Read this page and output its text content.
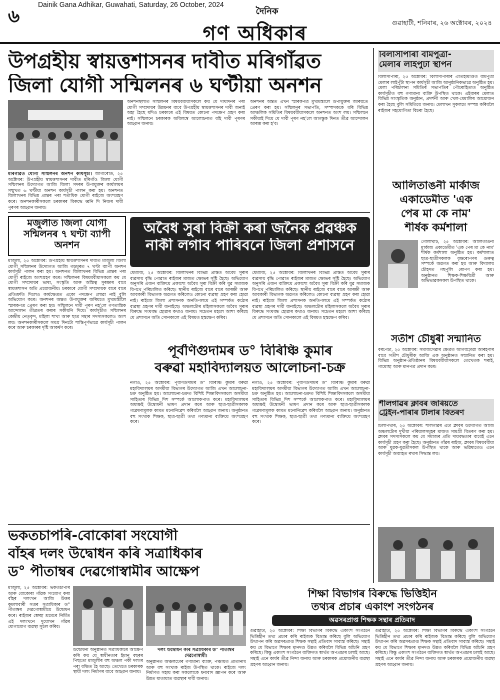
৬
Dainik Gana Adhikar, Guwahati, Saturday, 26 October, 2024
দৈনিক
গণ অধিকাৰ	গুৱাহাটী, শনিবাৰ, ২৬ অক্টোবৰ, ২০২৪
উপগ্ৰহীয় স্বায়ত্তশাসনৰ দাবীত মৰিগাঁৱত
জিলা যোগী সন্মিলনৰ ৬ ঘণ্টীয়া অনশন
মৰিগাঁৱত যোগী সন্মিলনৰ অনশন কাৰ্যসূচী। জাগীৰোড, ২৫ অক্টোবৰ: উপগ্ৰহীয় স্বায়ত্তশাসনৰ দাবীত মৰিগাঁও জিলা যোগী সন্মিলনৰ উদ্যোগত আজি জিলা সদৰৰ উপায়ুক্তৰ কাৰ্যালয়ৰ সন্মুখত ৬ ঘণ্টীয়া অনশন কাৰ্যসূচী পালন কৰা হয়। অনশনত জিলাখনৰ বিভিন্ন প্ৰান্তৰ পৰা শতাধিক যোগী ৰাইজে অংশগ্ৰহণ কৰে। অনশনকাৰীসকলে চৰকাৰৰ বিৰুদ্ধে ধ্বনি দি নিজৰ দাবী পূৰণৰ আহ্বান জনায়।
অনশনস্থলীত সন্মিলনৰ বিষয়ববীয়াসকলে কয় যে দীৰ্ঘদিনৰ পৰা যোগী সম্প্ৰদায়ৰ উন্নয়নৰ বাবে উপগ্ৰহীয় স্বায়ত্তশাসনৰ দাবী জনাই অহা হৈছে যদিও চৰকাৰে এই বিষয়ত কোনো পদক্ষেপ গ্ৰহণ কৰা নাই। সন্মিলনে চৰকাৰক অবিলম্বে আলোচনাত বহি দাবী পূৰণৰ আহ্বান জনায়।
অনশনৰ অন্তত এখন স্মাৰকপত্ৰ মুখ্যমন্ত্ৰীলৈ উপায়ুক্তৰ জৰিয়তে প্ৰেৰণ কৰা হয়। সন্মিলনৰ সভাপতি, সম্পাদককে ধৰি বিভিন্ন আঞ্চলিক সমিতিৰ বিষয়ববীয়াসকলে অনশনত অংশ লয়। সন্মিলনে সকীয়াই দিয়ে যে দাবী পূৰণ নহ'লে আগন্তুক দিনত তীব্ৰ আন্দোলন আৰম্ভ কৰা হ'ব।
মজুলীত জিলা যোগী সন্মিলনৰ ৭ ঘণ্টা ব্যাপী অনশন
মাজুলী, ২৫ অক্টোবৰ: উপগ্ৰহীয় স্বায়ত্তশাসনৰ দাবীত মাজুলী জিলা যোগী সন্মিলনৰ উদ্যোগত আজি গড়মূৰত ৭ ঘণ্টা ব্যাপী অনশন কাৰ্যসূচী পালন কৰা হয়। অনশনত জিলাখনৰ বিভিন্ন প্ৰান্তৰ পৰা যোগী ৰাইজে অংশগ্ৰহণ কৰে। সন্মিলনৰ বিষয়ববীয়াসকলে কয় যে যোগী সম্প্ৰদায়ৰ ভাষা, সংস্কৃতি আৰু অস্তিত্ব সুৰক্ষাৰ বাবে স্বায়ত্তশাসন অতি প্ৰয়োজনীয়। চৰকাৰে যোগী সম্প্ৰদায়ক বাৰে বাৰে প্ৰতিশ্ৰুতি দিলেও কাৰ্যক্ষেত্ৰত একো পদক্ষেপ লোৱা নাই বুলি অভিযোগ কৰে। অনশনৰ অন্তত উপায়ুক্তৰ জৰিয়তে মুখ্যমন্ত্ৰীলৈ স্মাৰকপত্ৰ প্ৰেৰণ কৰা হয়। সন্মিলনে দাবী পূৰণ নহ'লে গণতান্ত্ৰিক আন্দোলন তীব্ৰতৰ কৰাৰ সকীয়নি দিয়ে। কাৰ্যসূচীত সন্মিলনৰ কেন্দ্ৰীয় নেতৃবৃন্দ, মহিলা শাখা আৰু ছাত্ৰ সন্থাৰ সদস্যসকলেও অংশ লয়। অনশনকাৰীসকলে সমগ্ৰ দিনটো শান্তিপূৰ্ণভাৱে কাৰ্যসূচী পালন কৰে আৰু চৰকাৰৰ দৃষ্টি আকৰ্ষণ কৰে।
অবৈধ সুৰা বিক্ৰী কৰা জনৈক প্ৰৱঞ্চক
নাকী লগাব পাৰিবনে জিলা প্ৰশাসনে
ধেমাজি, ২৫ অক্টোবৰ: জিলাখনৰ বিভিন্ন প্ৰান্তত অবৈধ সুৰাৰ ব্যৱসায় বৃদ্ধি পোৱাত ৰাইজৰ মাজত ক্ষোভৰ সৃষ্টি হৈছে। অভিযোগ অনুসৰি এজন ব্যক্তিয়ে প্ৰকাশ্যে অবৈধ সুৰা বিক্ৰী কৰি যুৱ সমাজক বিপথে পৰিচালিত কৰিছে। স্থানীয় ৰাইজে বাৰে বাৰে আৰক্ষী আৰু আবকাৰী বিভাগক অৱগত কৰিলেও কোনো ব্যৱস্থা গ্ৰহণ কৰা হোৱা নাই। ৰাইজে জিলা প্ৰশাসনক অনতিপলমে এই সম্পৰ্কত কঠোৰ ব্যৱস্থা গ্ৰহণৰ দাবী জনাইছে। অঞ্চলটোৰ মহিলাসকলে অবৈধ সুৰাৰ বিৰুদ্ধে সংঘবদ্ধ হোৱাৰ কথাও জনায়। সচেতন মহলে আশা কৰিছে যে প্ৰশাসনে অতি সোনকালে এই বিষয়ত হস্তক্ষেপ কৰিব।
ধেমাজি, ২৫ অক্টোবৰ: জিলাখনৰ বিভিন্ন প্ৰান্তত অবৈধ সুৰাৰ ব্যৱসায় বৃদ্ধি পোৱাত ৰাইজৰ মাজত ক্ষোভৰ সৃষ্টি হৈছে। অভিযোগ অনুসৰি এজন ব্যক্তিয়ে প্ৰকাশ্যে অবৈধ সুৰা বিক্ৰী কৰি যুৱ সমাজক বিপথে পৰিচালিত কৰিছে। স্থানীয় ৰাইজে বাৰে বাৰে আৰক্ষী আৰু আবকাৰী বিভাগক অৱগত কৰিলেও কোনো ব্যৱস্থা গ্ৰহণ কৰা হোৱা নাই। ৰাইজে জিলা প্ৰশাসনক অনতিপলমে এই সম্পৰ্কত কঠোৰ ব্যৱস্থা গ্ৰহণৰ দাবী জনাইছে। অঞ্চলটোৰ মহিলাসকলে অবৈধ সুৰাৰ বিৰুদ্ধে সংঘবদ্ধ হোৱাৰ কথাও জনায়। সচেতন মহলে আশা কৰিছে যে প্ৰশাসনে অতি সোনকালে এই বিষয়ত হস্তক্ষেপ কৰিব।
পূৰ্বণিগুদামৰ ড° বিৰিঞ্চি কুমাৰ
বৰুৱা মহাবিদ্যালয়ত আলোচনা-চক্ৰ
নগাঁও, ২৫ অক্টোবৰ: পূৰ্বণিগুদামৰ ড° বিৰিঞ্চি কুমাৰ বৰুৱা মহাবিদ্যালয়ৰ অসমীয়া বিভাগৰ উদ্যোগত আজি এখন আলোচনা-চক্ৰ অনুষ্ঠিত হয়। আলোচনা-চক্ৰত বিশিষ্ট শিক্ষাবিদসকলে অসমীয়া সাহিত্যৰ বিভিন্ন দিশ সম্পৰ্কে আলোকপাত কৰে। মহাবিদ্যালয়ৰ অধ্যক্ষই উদ্বোধনী ভাষণ প্ৰদান কৰে আৰু ছাত্ৰ-ছাত্ৰীসকলক গৱেষণামূলক কামত মনোনিৱেশ কৰিবলৈ আহ্বান জনায়। অনুষ্ঠানত বহু সংখ্যক শিক্ষক, ছাত্ৰ-ছাত্ৰী তথা গণ্যমান্য ব্যক্তিয়ে অংশগ্ৰহণ কৰে।
নগাঁও, ২৫ অক্টোবৰ: পূৰ্বণিগুদামৰ ড° বিৰিঞ্চি কুমাৰ বৰুৱা মহাবিদ্যালয়ৰ অসমীয়া বিভাগৰ উদ্যোগত আজি এখন আলোচনা-চক্ৰ অনুষ্ঠিত হয়। আলোচনা-চক্ৰত বিশিষ্ট শিক্ষাবিদসকলে অসমীয়া সাহিত্যৰ বিভিন্ন দিশ সম্পৰ্কে আলোকপাত কৰে। মহাবিদ্যালয়ৰ অধ্যক্ষই উদ্বোধনী ভাষণ প্ৰদান কৰে আৰু ছাত্ৰ-ছাত্ৰীসকলক গৱেষণামূলক কামত মনোনিৱেশ কৰিবলৈ আহ্বান জনায়। অনুষ্ঠানত বহু সংখ্যক শিক্ষক, ছাত্ৰ-ছাত্ৰী তথা গণ্যমান্য ব্যক্তিয়ে অংশগ্ৰহণ কৰে।
ভকতচাপৰি-বোকোৰা সংযোগী
বাঁহৰ দলং উদ্বোধন কৰি সত্ৰাধিকাৰ
ড° পীতাম্বৰ দেৱগোস্বামীৰ আক্ষেপ
মাজুলী, ২৫ অক্টোবৰ: ভকতচাপৰি আৰু বোকোৰা গাঁৱক সংযোগ কৰা বাঁহৰ দলংখন আজি উত্তৰ কমলাবাৰী সত্ৰৰ সত্ৰাধিকাৰ ড° পীতাম্বৰ দেৱগোস্বামীয়ে উদ্বোধন কৰে। ৰাইজৰ স্বেচ্ছা শ্ৰমেৰে নিৰ্মিত এই দলংখনে দুয়োখন গাঁৱৰ যোগাযোগ ব্যৱস্থা সুচল কৰিব।
উদ্বোধনী অনুষ্ঠানত সত্ৰাধিকাৰে আক্ষেপ কৰি কয় যে স্বাধীনতাৰ ইমান বছৰৰ পিছতো মাজুলীৰ বহু অঞ্চল পকী দলংৰ পৰা বঞ্চিত হৈ আছে। তেখেতে চৰকাৰক স্থায়ী দলং নিৰ্মাণৰ বাবে আহ্বান জনায়।
দলং উদ্বোধন কৰি সত্ৰাধিকাৰ ড° পীতাম্বৰ দেৱগোস্বামী।
অনুষ্ঠানত অঞ্চলটোৰ গণ্যমান্য ব্যক্তি, পঞ্চায়ত প্ৰতিনিধি আৰু বহু সংখ্যক ৰাইজ উপস্থিত থাকে। ৰাইজে দলং নিৰ্মাণত সহায় কৰা সকলোকে ধন্যবাদ জ্ঞাপন কৰে আৰু উন্নত যাতায়াত ব্যৱস্থাৰ দাবী জনায়।
শিক্ষা বিভাগৰ বিৰুদ্ধে ভিত্তিহীন
তথ্যৰ প্ৰচাৰ একাংশ সংগঠনৰ
অৱসৰপ্ৰাপ্ত শিক্ষক সন্থাৰ প্ৰতিবাদ
গুৱাহাটী, ২৫ অক্টোবৰ: শিক্ষা বিভাগৰ বিৰুদ্ধে একাংশ সংগঠনে ভিত্তিহীন তথ্য প্ৰচাৰ কৰি ৰাইজক বিভ্ৰান্ত কৰিছে বুলি অভিযোগ উত্থাপন কৰি অৱসৰপ্ৰাপ্ত শিক্ষক সন্থাই প্ৰতিবাদ সাব্যস্ত কৰিছে। সন্থাই কয় যে বিভাগে শিক্ষাৰ মানদণ্ড উন্নত কৰিবলৈ বিভিন্ন আঁচনি গ্ৰহণ কৰিছে। কিন্তু একাংশ সংগঠনে ব্যক্তিগত স্বাৰ্থত অপপ্ৰচাৰ চলাই আছে। সন্থাই এনে কাৰ্যৰ তীব্ৰ নিন্দা জনায় আৰু চৰকাৰক প্ৰয়োজনীয় ব্যৱস্থা গ্ৰহণৰ আহ্বান জনায়।
গুৱাহাটী, ২৫ অক্টোবৰ: শিক্ষা বিভাগৰ বিৰুদ্ধে একাংশ সংগঠনে ভিত্তিহীন তথ্য প্ৰচাৰ কৰি ৰাইজক বিভ্ৰান্ত কৰিছে বুলি অভিযোগ উত্থাপন কৰি অৱসৰপ্ৰাপ্ত শিক্ষক সন্থাই প্ৰতিবাদ সাব্যস্ত কৰিছে। সন্থাই কয় যে বিভাগে শিক্ষাৰ মানদণ্ড উন্নত কৰিবলৈ বিভিন্ন আঁচনি গ্ৰহণ কৰিছে। কিন্তু একাংশ সংগঠনে ব্যক্তিগত স্বাৰ্থত অপপ্ৰচাৰ চলাই আছে। সন্থাই এনে কাৰ্যৰ তীব্ৰ নিন্দা জনায় আৰু চৰকাৰক প্ৰয়োজনীয় ব্যৱস্থা গ্ৰহণৰ আহ্বান জনায়।
বিলাসীপাৰা বামপুত্ৰা-
মেলাৰ লাইপুঁটা স্থাপন
বিলাসীপাৰা, ২৫ অক্টোবৰ: বিলাসীপাৰাৰ ঐতিহ্যমণ্ডিত বামপুত্ৰা মেলাৰ লাইপুঁটা স্থাপন কাৰ্যসূচী আজি আনুষ্ঠানিকভাৱে অনুষ্ঠিত হয়। মেলা পৰিচালনা সমিতিৰ সভাপতিৰ পৌৰোহিত্যত অনুষ্ঠিত কাৰ্যসূচীত বহু গণ্যমান্য ব্যক্তি উপস্থিত থাকে। এইবাৰৰ মেলাত বিভিন্ন সাংস্কৃতিক অনুষ্ঠান, প্ৰদৰ্শনী আৰু খেল-ধেমালিৰ আয়োজন কৰা হৈছে বুলি সমিতিয়ে জনায়। মেলাখন সুকলমে সম্পন্ন কৰিবলৈ ৰাইজৰ সহযোগিতা বিচৰা হৈছে।
আলিতাঙনী মাৰ্কাজ
একাডেমীত 'এক
পেৰ মা কে নাম'
শীৰ্ষক কৰ্মশালা
গোলাঘাট, ২৫ অক্টোবৰ: আলিতাঙনী মাৰ্কাজ একাডেমীত 'এক পেৰ মা কে নাম' শীৰ্ষক কৰ্মশালা অনুষ্ঠিত হয়। কৰ্মশালাত ছাত্ৰ-ছাত্ৰীসকলক বৃক্ষৰোপণৰ গুৰুত্ব সম্পৰ্কে অৱগত কৰা হয় আৰু বিদ্যালয় চৌহদত গছপুলি ৰোপণ কৰা হয়। অনুষ্ঠানত শিক্ষক-শিক্ষয়িত্ৰী আৰু অভিভাৱকসকল উপস্থিত থাকে।
সতীশ চৌধুৰী সন্মানিত
বৰপেটা, ২৫ অক্টোবৰ: সমাজসেৱাৰ ক্ষেত্ৰত আগবঢ়োৱা অৰিহণাৰ বাবে সতীশ চৌধুৰীক আজি এক অনুষ্ঠানত সন্মানিত কৰা হয়। বিভিন্ন অনুষ্ঠান-প্ৰতিষ্ঠানৰ বিষয়ববীয়াসকলে তেখেতক শৰাই, গামোছা আৰু মানপত্ৰ প্ৰদান কৰে।
শীলগাঁৱৰ ক্লাবৰ জৰিয়তে
ট্ৰেইন-পাৰাৰ টীলাৰ বিতৰণ
চিলাপথাৰ, ২৫ অক্টোবৰ: শীলগাঁৱৰ এটা ক্লাবৰ উদ্যোগত আজি অঞ্চলটোৰ দুখীয়া পৰিয়ালসমূহৰ মাজত সামগ্ৰী বিতৰণ কৰা হয়। ক্লাবৰ সদস্যসকলে কয় যে সমাজৰ প্ৰতি দায়বদ্ধতাৰ বাবেই এনে কাৰ্যসূচী গ্ৰহণ কৰা হৈছে। অনুষ্ঠানত গাঁৱৰ ৰাইজ, ক্লাবৰ বিষয়ববীয়া আৰু যুৱক-যুৱতীসকল উপস্থিত থাকে আৰু ভৱিষ্যতেও এনে কাৰ্যসূচী অব্যাহত ৰখাৰ সিদ্ধান্ত লয়।
